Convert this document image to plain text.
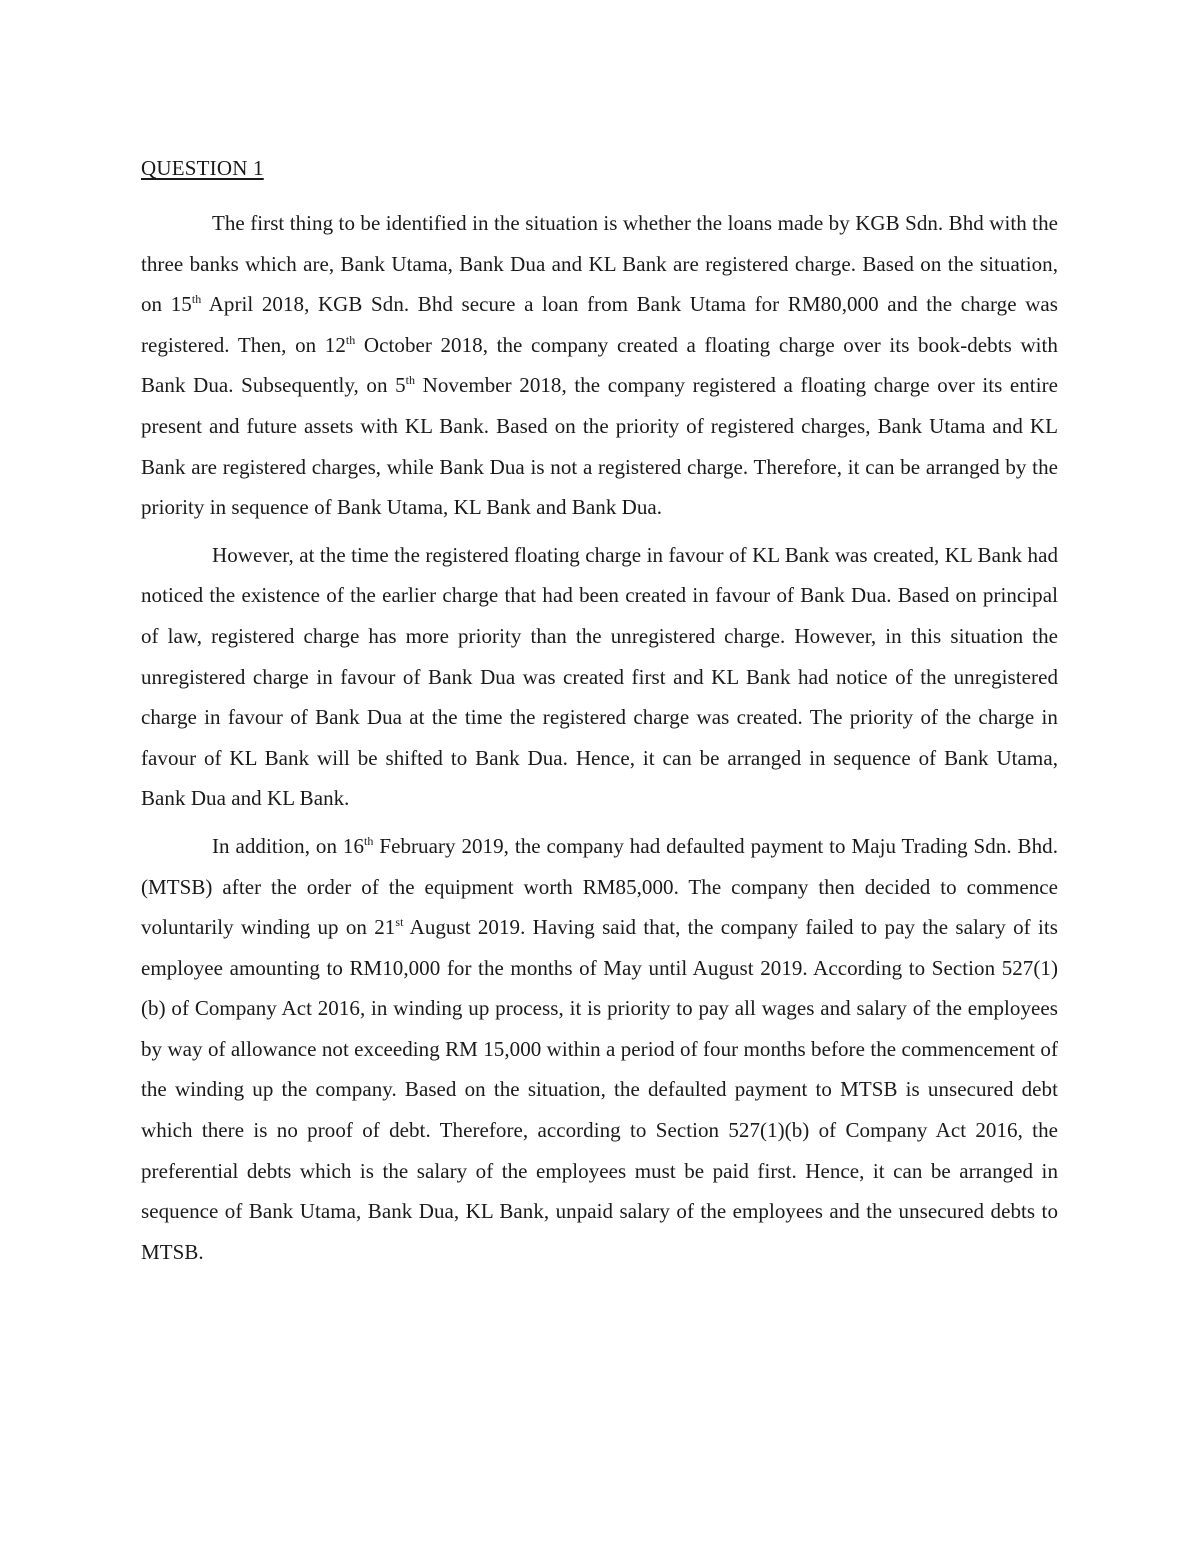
QUESTION 1

The first thing to be identified in the situation is whether the loans made by KGB Sdn. Bhd with the three banks which are, Bank Utama, Bank Dua and KL Bank are registered charge. Based on the situation, on 15th April 2018, KGB Sdn. Bhd secure a loan from Bank Utama for RM80,000 and the charge was registered. Then, on 12th October 2018, the company created a floating charge over its book-debts with Bank Dua. Subsequently, on 5th November 2018, the company registered a floating charge over its entire present and future assets with KL Bank. Based on the priority of registered charges, Bank Utama and KL Bank are registered charges, while Bank Dua is not a registered charge. Therefore, it can be arranged by the priority in sequence of Bank Utama, KL Bank and Bank Dua.

However, at the time the registered floating charge in favour of KL Bank was created, KL Bank had noticed the existence of the earlier charge that had been created in favour of Bank Dua. Based on principal of law, registered charge has more priority than the unregistered charge. However, in this situation the unregistered charge in favour of Bank Dua was created first and KL Bank had notice of the unregistered charge in favour of Bank Dua at the time the registered charge was created. The priority of the charge in favour of KL Bank will be shifted to Bank Dua. Hence, it can be arranged in sequence of Bank Utama, Bank Dua and KL Bank.

In addition, on 16th February 2019, the company had defaulted payment to Maju Trading Sdn. Bhd. (MTSB) after the order of the equipment worth RM85,000. The company then decided to commence voluntarily winding up on 21st August 2019. Having said that, the company failed to pay the salary of its employee amounting to RM10,000 for the months of May until August 2019. According to Section 527(1)(b) of Company Act 2016, in winding up process, it is priority to pay all wages and salary of the employees by way of allowance not exceeding RM 15,000 within a period of four months before the commencement of the winding up the company. Based on the situation, the defaulted payment to MTSB is unsecured debt which there is no proof of debt. Therefore, according to Section 527(1)(b) of Company Act 2016, the preferential debts which is the salary of the employees must be paid first. Hence, it can be arranged in sequence of Bank Utama, Bank Dua, KL Bank, unpaid salary of the employees and the unsecured debts to MTSB.
